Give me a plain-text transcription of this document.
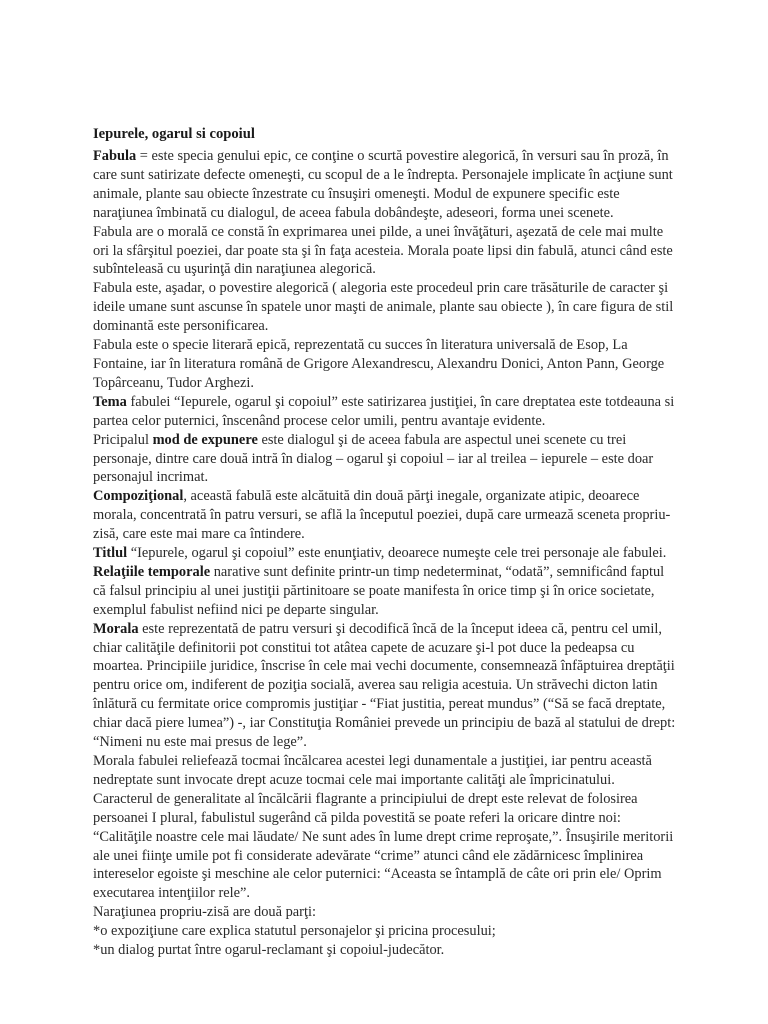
Iepurele, ogarul si copoiul
Fabula = este specia genului epic, ce conţine o scurtă povestire alegorică, în versuri sau în proză, în care sunt satirizate defecte omeneşti, cu scopul de a le îndrepta. Personajele implicate în acţiune sunt animale, plante sau obiecte înzestrate cu însuşiri omeneşti. Modul de expunere specific este naraţiunea îmbinată cu dialogul, de aceea fabula dobândeşte, adeseori, forma unei scenete.
Fabula are o morală ce constă în exprimarea unei pilde, a unei învăţături, aşezată de cele mai multe ori la sfârşitul poeziei, dar poate sta şi în faţa acesteia. Morala poate lipsi din fabulă, atunci când este subînteleasă cu uşurinţă din naraţiunea alegorică.
Fabula este, aşadar, o povestire alegorică ( alegoria este procedeul prin care trăsăturile de caracter şi ideile umane sunt ascunse în spatele unor maşti de animale, plante sau obiecte ), în care figura de stil dominantă este personificarea.
Fabula este o specie literară epică, reprezentată cu succes în literatura universală de Esop, La Fontaine, iar în literatura română de Grigore Alexandrescu, Alexandru Donici, Anton Pann, George Topârceanu, Tudor Arghezi.
Tema fabulei “Iepurele, ogarul şi copoiul” este satirizarea justiţiei, în care dreptatea este totdeauna si partea celor puternici, înscenând procese celor umili, pentru avantaje evidente.
Pricipalul mod de expunere este dialogul şi de aceea fabula are aspectul unei scenete cu trei personaje, dintre care două intră în dialog – ogarul şi copoiul – iar al treilea – iepurele – este doar personajul incrimat.
Compoziţional, această fabulă este alcătuită din două părţi inegale, organizate atipic, deoarece morala, concentrată în patru versuri, se află la începutul poeziei, după care urmează sceneta propriu-zisă, care este mai mare ca întindere.
Titlul “Iepurele, ogarul şi copoiul” este enunţiativ, deoarece numeşte cele trei personaje ale fabulei.
Relaţiile temporale narative sunt definite printr-un timp nedeterminat, “odată”, semnificând faptul că falsul principiu al unei justiţii părtinitoare se poate manifesta în orice timp şi în orice societate, exemplul fabulist nefiind nici pe departe singular.
Morala este reprezentată de patru versuri şi decodifică încă de la început ideea că, pentru cel umil, chiar calităţile definitorii pot constitui tot atâtea capete de acuzare şi-l pot duce la pedeapsa cu moartea. Principiile juridice, înscrise în cele mai vechi documente, consemnează înfăptuirea dreptăţii pentru orice om, indiferent de poziţia socială, averea sau religia acestuia. Un străvechi dicton latin înlătură cu fermitate orice compromis justiţiar - “Fiat justitia, pereat mundus” (“Să se facă dreptate, chiar dacă piere lumea”) -, iar Constituţia României prevede un principiu de bază al statului de drept: “Nimeni nu este mai presus de lege”.
Morala fabulei reliefează tocmai încălcarea acestei legi dunamentale a justiţiei, iar pentru această nedreptate sunt invocate drept acuze tocmai cele mai importante calităţi ale împricinatului. Caracterul de generalitate al încălcării flagrante a principiului de drept este relevat de folosirea persoanei I plural, fabulistul sugerând că pilda povestită se poate referi la oricare dintre noi: “Calităţile noastre cele mai lăudate/ Ne sunt ades în lume drept crime reproşate,”. Însuşirile meritorii ale unei fiinţe umile pot fi considerate adevărate “crime” atunci când ele zădărnicesc împlinirea intereselor egoiste şi meschine ale celor puternici: “Aceasta se întamplă de câte ori prin ele/ Oprim executarea intenţiilor rele”.
Naraţiunea propriu-zisă are două parţi:
*o expoziţiune care explica statutul personajelor şi pricina procesului;
*un dialog purtat între ogarul-reclamant şi copoiul-judecător.
